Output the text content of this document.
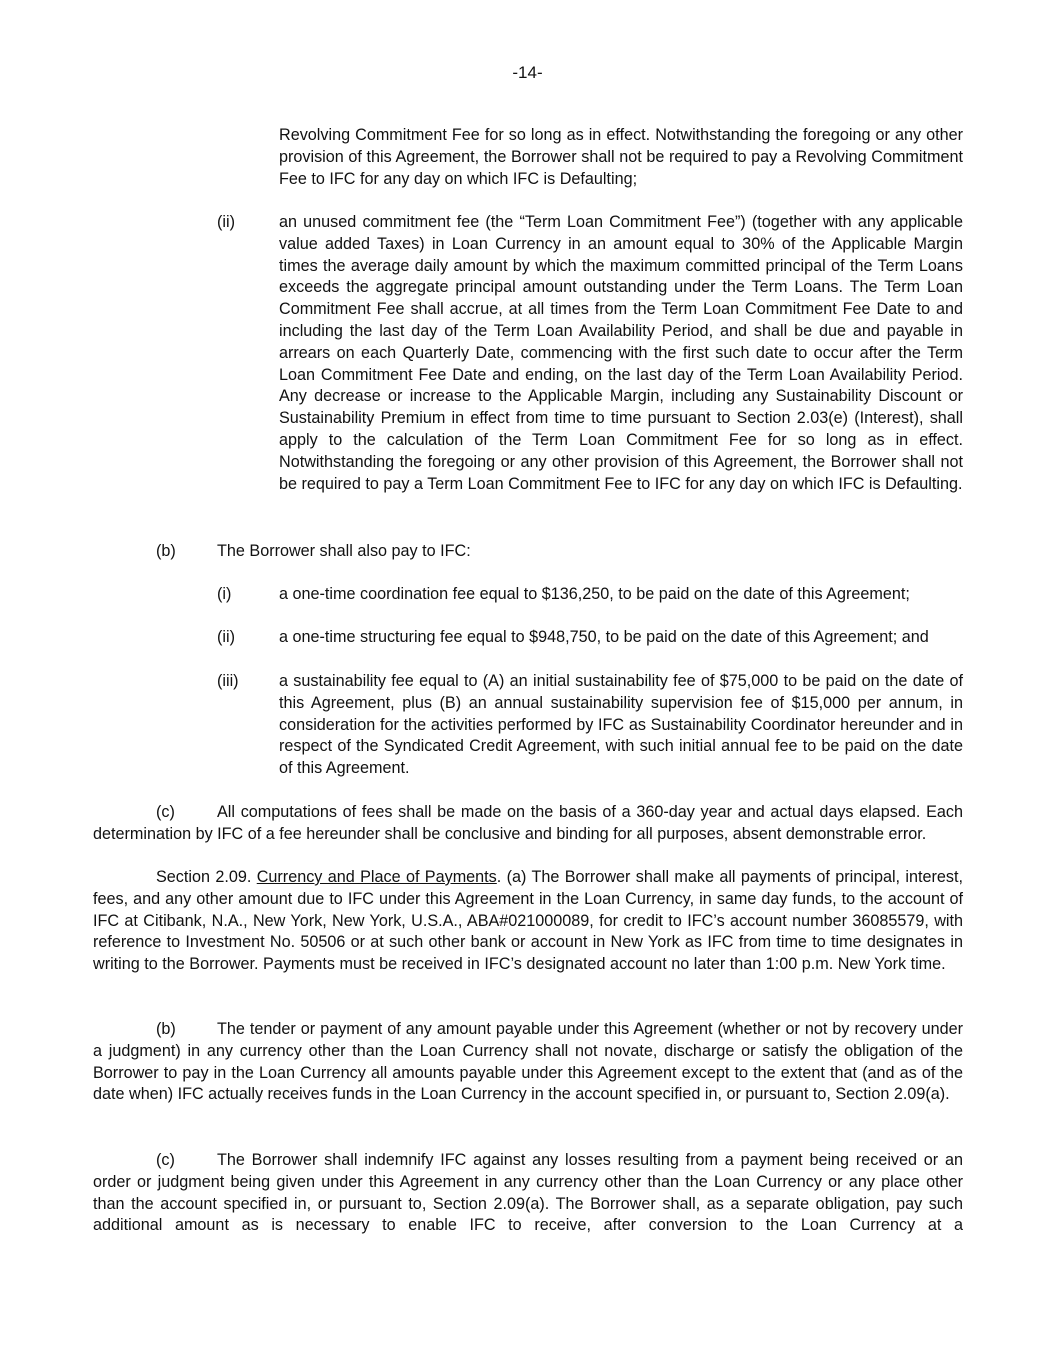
-14-

Revolving Commitment Fee for so long as in effect. Notwithstanding the foregoing or any other provision of this Agreement, the Borrower shall not be required to pay a Revolving Commitment Fee to IFC for any day on which IFC is Defaulting;

(ii)	an unused commitment fee (the “Term Loan Commitment Fee”) (together with any applicable value added Taxes) in Loan Currency in an amount equal to 30% of the Applicable Margin times the average daily amount by which the maximum committed principal of the Term Loans exceeds the aggregate principal amount outstanding under the Term Loans. The Term Loan Commitment Fee shall accrue, at all times from the Term Loan Commitment Fee Date to and including the last day of the Term Loan Availability Period, and shall be due and payable in arrears on each Quarterly Date, commencing with the first such date to occur after the Term Loan Commitment Fee Date and ending, on the last day of the Term Loan Availability Period. Any decrease or increase to the Applicable Margin, including any Sustainability Discount or Sustainability Premium in effect from time to time pursuant to Section 2.03(e) (Interest), shall apply to the calculation of the Term Loan Commitment Fee for so long as in effect. Notwithstanding the foregoing or any other provision of this Agreement, the Borrower shall not be required to pay a Term Loan Commitment Fee to IFC for any day on which IFC is Defaulting.

(b)	The Borrower shall also pay to IFC:

(i)	a one-time coordination fee equal to $136,250, to be paid on the date of this Agreement;

(ii)	a one-time structuring fee equal to $948,750, to be paid on the date of this Agreement; and

(iii) a sustainability fee equal to (A) an initial sustainability fee of $75,000 to be paid on the date of this Agreement, plus (B) an annual sustainability supervision fee of $15,000 per annum, in consideration for the activities performed by IFC as Sustainability Coordinator hereunder and in respect of the Syndicated Credit Agreement, with such initial annual fee to be paid on the date of this Agreement.

(c)	All computations of fees shall be made on the basis of a 360-day year and actual days elapsed. Each determination by IFC of a fee hereunder shall be conclusive and binding for all purposes, absent demonstrable error.

Section 2.09. Currency and Place of Payments. (a) The Borrower shall make all payments of principal, interest, fees, and any other amount due to IFC under this Agreement in the Loan Currency, in same day funds, to the account of IFC at Citibank, N.A., New York, New York, U.S.A., ABA#021000089, for credit to IFC’s account number 36085579, with reference to Investment No. 50506 or at such other bank or account in New York as IFC from time to time designates in writing to the Borrower. Payments must be received in IFC’s designated account no later than 1:00 p.m. New York time.

(b)	The tender or payment of any amount payable under this Agreement (whether or not by recovery under a judgment) in any currency other than the Loan Currency shall not novate, discharge or satisfy the obligation of the Borrower to pay in the Loan Currency all amounts payable under this Agreement except to the extent that (and as of the date when) IFC actually receives funds in the Loan Currency in the account specified in, or pursuant to, Section 2.09(a).

(c)	The Borrower shall indemnify IFC against any losses resulting from a payment being received or an order or judgment being given under this Agreement in any currency other than the Loan Currency or any place other than the account specified in, or pursuant to, Section 2.09(a). The Borrower shall, as a separate obligation, pay such additional amount as is necessary to enable IFC to receive, after conversion to the Loan Currency at a
